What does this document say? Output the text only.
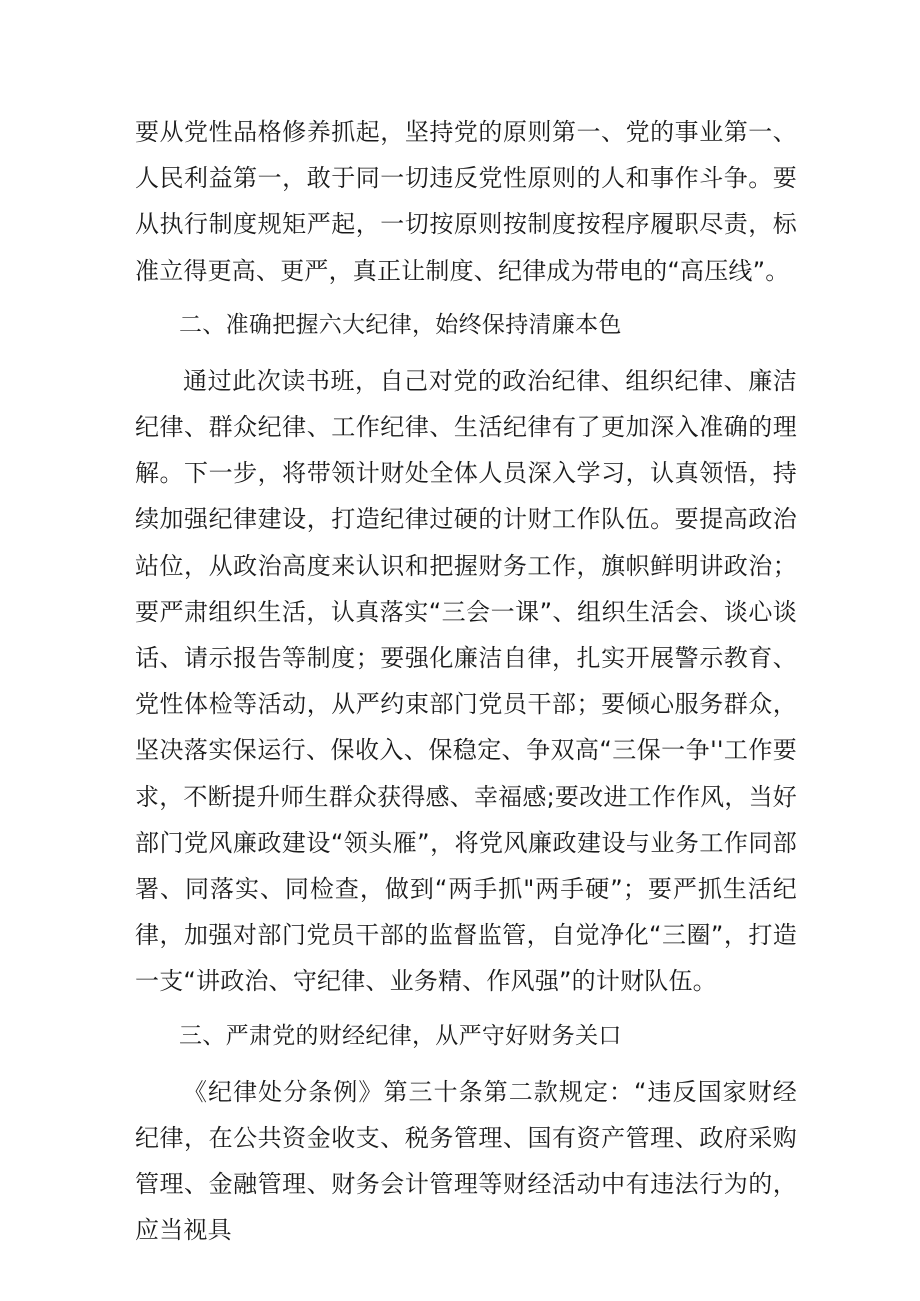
要从党性品格修养抓起，坚持党的原则第一、党的事业第一、人民利益第一，敢于同一切违反党性原则的人和事作斗争。要从执行制度规矩严起，一切按原则按制度按程序履职尽责，标准立得更高、更严，真正让制度、纪律成为带电的“高压线”。

二、准确把握六大纪律，始终保持清廉本色

通过此次读书班，自己对党的政治纪律、组织纪律、廉洁纪律、群众纪律、工作纪律、生活纪律有了更加深入准确的理解。下一步，将带领计财处全体人员深入学习，认真领悟，持续加强纪律建设，打造纪律过硬的计财工作队伍。要提高政治站位，从政治高度来认识和把握财务工作，旗帜鲜明讲政治；要严肃组织生活，认真落实“三会一课”、组织生活会、谈心谈话、请示报告等制度；要强化廉洁自律，扎实开展警示教育、党性体检等活动，从严约束部门党员干部；要倾心服务群众，坚决落实保运行、保收入、保稳定、争双高“三保一争''工作要求，不断提升师生群众获得感、幸福感;要改进工作作风，当好部门党风廉政建设“领头雁”，将党风廉政建设与业务工作同部署、同落实、同检查，做到“两手抓"两手硬”；要严抓生活纪律，加强对部门党员干部的监督监管，自觉净化“三圈”，打造一支“讲政治、守纪律、业务精、作风强”的计财队伍。

三、严肃党的财经纪律，从严守好财务关口

《纪律处分条例》第三十条第二款规定：“违反国家财经纪律，在公共资金收支、税务管理、国有资产管理、政府采购管理、金融管理、财务会计管理等财经活动中有违法行为的，应当视具
